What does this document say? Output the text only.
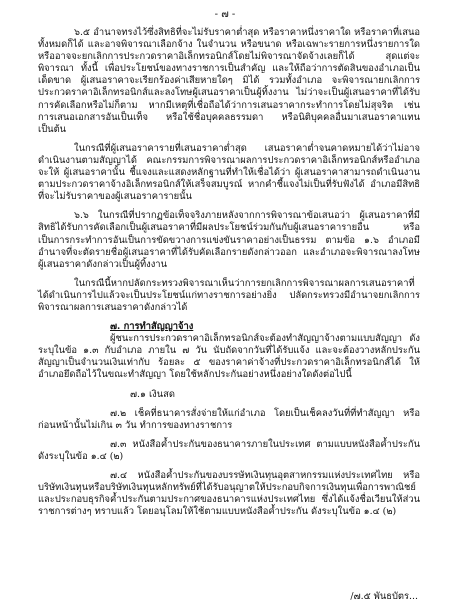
- ๗ -

๖.๕ อำนาจทรงไว้ซึ่งสิทธิที่จะไม่รับราคาต่ำสุด หรือราคาหนึ่งราคาใด หรือราคาที่เสนอทั้งหมดก็ได้ และอาจพิจารณาเลือกจ้าง ในจำนวน หรือขนาด หรือเฉพาะรายการหนึ่งรายการใด หรืออาจจะยกเลิกการประกวดราคาอิเล็กทรอนิกส์โดยไม่พิจารณาจัดจ้างเลยก็ได้ สุดแต่จะพิจารณา ทั้งนี้ เพื่อประโยชน์ของทางราชการเป็นสำคัญ และให้ถือว่าการตัดสินของอำเภอเป็นเด็ดขาด ผู้เสนอราคาจะเรียกร้องค่าเสียหายใดๆ มิได้ รวมทั้งอำเภอ จะพิจารณายกเลิกการประกวดราคาอิเล็กทรอนิกส์และลงโทษผู้เสนอราคาเป็นผู้ทิ้งงาน ไม่ว่าจะเป็นผู้เสนอราคาที่ได้รับการคัดเลือกหรือไม่ก็ตาม หากมีเหตุที่เชื่อถือได้ว่าการเสนอราคากระทำการโดยไม่สุจริต เช่น การเสนอเอกสารอันเป็นเท็จ หรือใช้ชื่อบุคคลธรรมดา หรือนิติบุคคลอื่นมาเสนอราคาแทน เป็นต้น

ในกรณีที่ผู้เสนอราคารายที่เสนอราคาต่ำสุด เสนอราคาต่ำจนคาดหมายได้ว่าไม่อาจดำเนินงานตามสัญญาได้ คณะกรรมการพิจารณาผลการประกวดราคาอิเล็กทรอนิกส์หรืออำเภอจะให้ ผู้เสนอราคานั้น ชี้แจงและแสดงหลักฐานที่ทำให้เชื่อได้ว่า ผู้เสนอราคาสามารถดำเนินงานตามประกวดราคาจ้างอิเล็กทรอนิกส์ให้เสร็จสมบูรณ์ หากคำชี้แจงไม่เป็นที่รับฟังได้ อำเภอมีสิทธิที่จะไม่รับราคาของผู้เสนอราคารายนั้น

๖.๖ ในกรณีที่ปรากฏข้อเท็จจริงภายหลังจากการพิจารณาข้อเสนอว่า ผู้เสนอราคาที่มีสิทธิได้รับการคัดเลือกเป็นผู้เสนอราคาที่มีผลประโยชน์ร่วมกันกับผู้เสนอราคารายอื่น หรือเป็นการกระทำการอันเป็นการขัดขวางการแข่งขันราคาอย่างเป็นธรรม ตามข้อ ๑.๖ อำเภอมีอำนาจที่จะตัดรายชื่อผู้เสนอราคาที่ได้รับคัดเลือกรายดังกล่าวออก และอำเภอจะพิจารณาลงโทษผู้เสนอราคาดังกล่าวเป็นผู้ทิ้งงาน

ในกรณีนี้หากปลัดกระทรวงพิจารณาเห็นว่าการยกเลิกการพิจารณาผลการเสนอราคาที่ได้ดำเนินการไปแล้วจะเป็นประโยชน์แก่ทางราชการอย่างยิ่ง ปลัดกระทรวงมีอำนาจยกเลิกการพิจารณาผลการเสนอราคาดังกล่าวได้

๗. การทำสัญญาจ้าง

ผู้ชนะการประกวดราคาอิเล็กทรอนิกส์จะต้องทำสัญญาจ้างตามแบบสัญญา ดังระบุในข้อ ๑.๓ กับอำเภอ ภายใน ๗ วัน นับถัดจากวันที่ได้รับแจ้ง และจะต้องวางหลักประกันสัญญาเป็นจำนวนเงินเท่ากับ ร้อยละ ๕ ของราคาค่าจ้างที่ประกวดราคาอิเล็กทรอนิกส์ได้ ให้อำเภอยึดถือไว้ในขณะทำสัญญา โดยใช้หลักประกันอย่างหนึ่งอย่างใดดังต่อไปนี้

๗.๑ เงินสด

๗.๒ เช็คที่ธนาคารสั่งจ่ายให้แก่อำเภอ โดยเป็นเช็คลงวันที่ที่ทำสัญญา หรือก่อนหน้านั้นไม่เกิน ๓ วัน ทำการของทางราชการ

๗.๓ หนังสือค้ำประกันของธนาคารภายในประเทศ ตามแบบหนังสือค้ำประกัน ดังระบุในข้อ ๑.๔ (๒)

๗.๔ หนังสือค้ำประกันของบรรษัทเงินทุนอุตสาหกรรมแห่งประเทศไทย หรือบริษัทเงินทุนหรือบริษัทเงินทุนหลักทรัพย์ที่ได้รับอนุญาตให้ประกอบกิจการเงินทุนเพื่อการพาณิชย์และประกอบธุรกิจค้ำประกันตามประกาศของธนาคารแห่งประเทศไทย ซึ่งได้แจ้งชื่อเวียนให้ส่วนราชการต่างๆ ทราบแล้ว โดยอนุโลมให้ใช้ตามแบบหนังสือค้ำประกัน ดังระบุในข้อ ๑.๔ (๒)

/๗.๕ พันธบัตร...
